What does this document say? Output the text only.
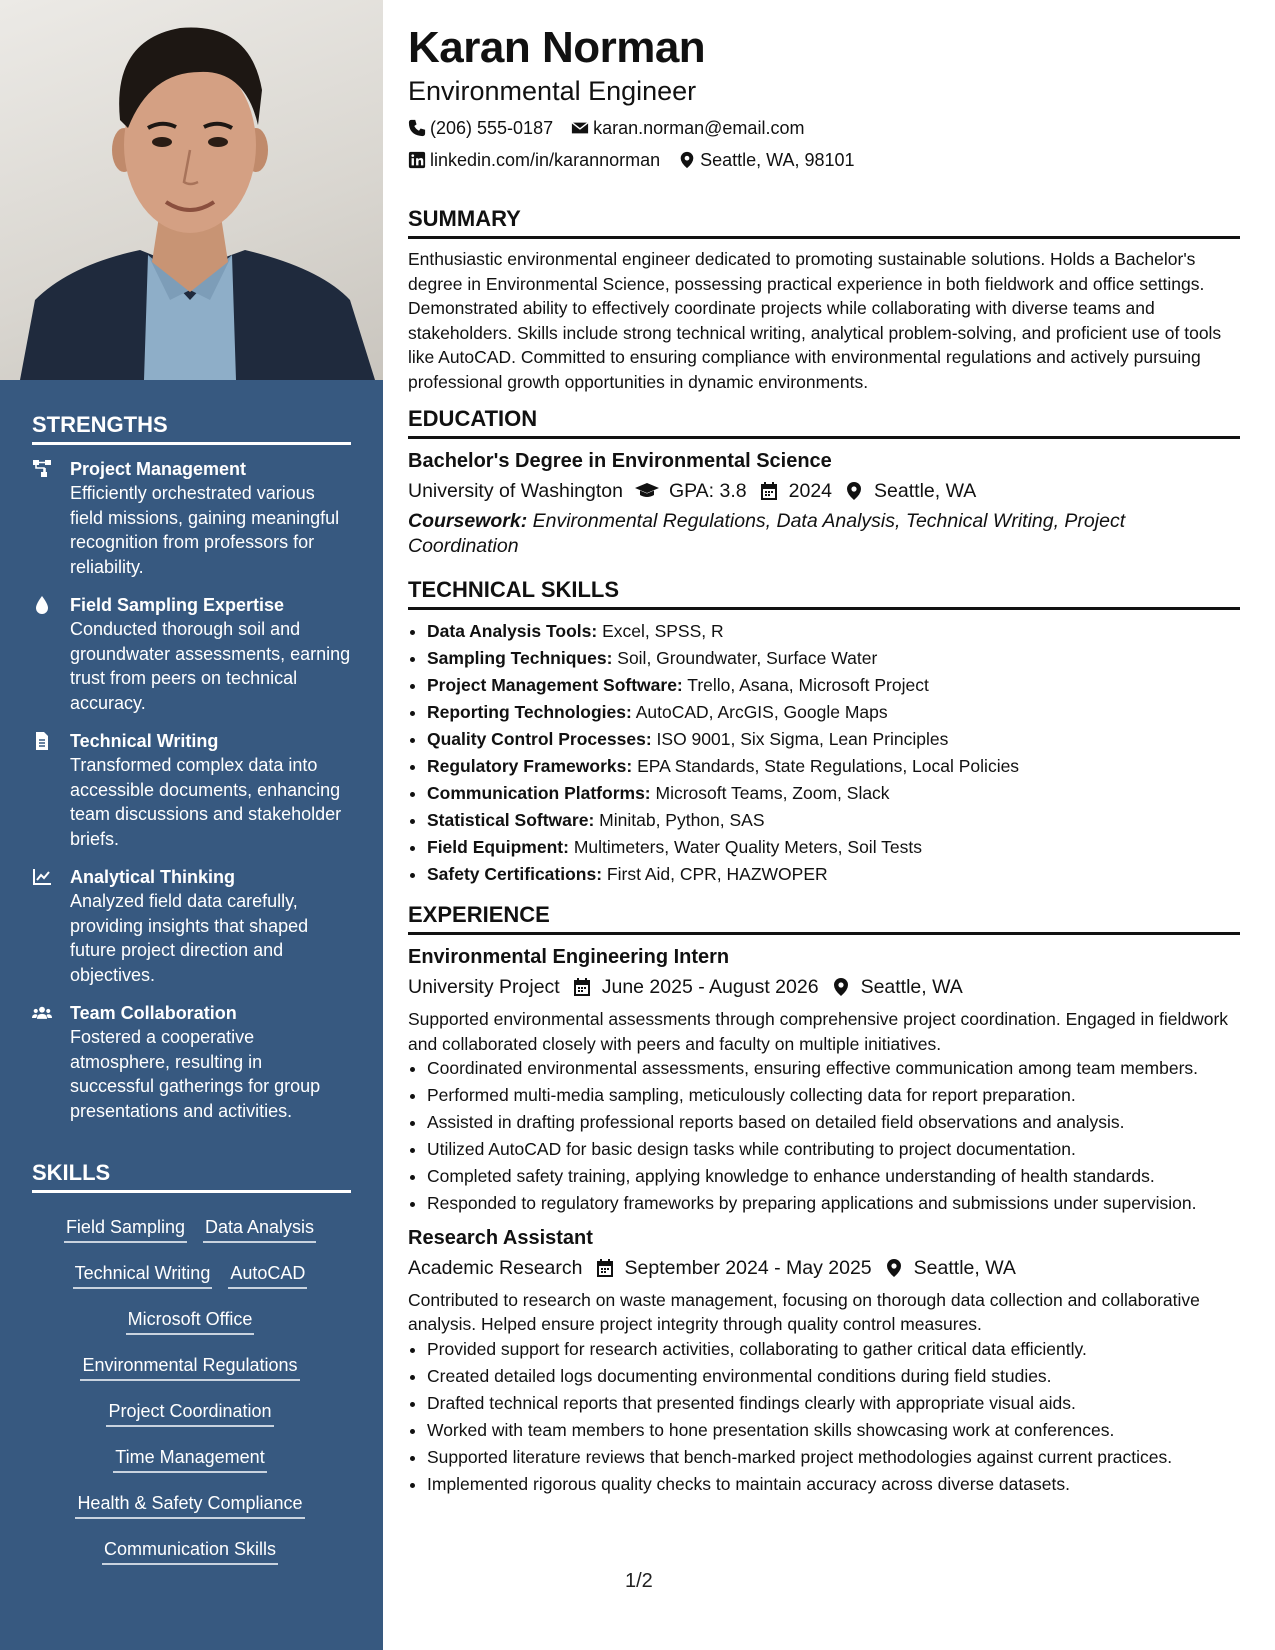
STRENGTHS
Project Management
Efficiently orchestrated various field missions, gaining meaningful recognition from professors for reliability.
Field Sampling Expertise
Conducted thorough soil and groundwater assessments, earning trust from peers on technical accuracy.
Technical Writing
Transformed complex data into accessible documents, enhancing team discussions and stakeholder briefs.
Analytical Thinking
Analyzed field data carefully, providing insights that shaped future project direction and objectives.
Team Collaboration
Fostered a cooperative atmosphere, resulting in successful gatherings for group presentations and activities.
SKILLS
Field Sampling Data Analysis
Technical Writing AutoCAD
Microsoft Office
Environmental Regulations
Project Coordination
Time Management
Health & Safety Compliance
Communication Skills
Karan Norman
Environmental Engineer
(206) 555-0187 karan.norman@email.com
linkedin.com/in/karannorman Seattle, WA, 98101
SUMMARY
Enthusiastic environmental engineer dedicated to promoting sustainable solutions. Holds a Bachelor's degree in Environmental Science, possessing practical experience in both fieldwork and office settings. Demonstrated ability to effectively coordinate projects while collaborating with diverse teams and stakeholders. Skills include strong technical writing, analytical problem-solving, and proficient use of tools like AutoCAD. Committed to ensuring compliance with environmental regulations and actively pursuing professional growth opportunities in dynamic environments.
EDUCATION
Bachelor's Degree in Environmental Science
University of Washington GPA: 3.8 2024 Seattle, WA
Coursework: Environmental Regulations, Data Analysis, Technical Writing, Project Coordination
TECHNICAL SKILLS
• Data Analysis Tools: Excel, SPSS, R
• Sampling Techniques: Soil, Groundwater, Surface Water
• Project Management Software: Trello, Asana, Microsoft Project
• Reporting Technologies: AutoCAD, ArcGIS, Google Maps
• Quality Control Processes: ISO 9001, Six Sigma, Lean Principles
• Regulatory Frameworks: EPA Standards, State Regulations, Local Policies
• Communication Platforms: Microsoft Teams, Zoom, Slack
• Statistical Software: Minitab, Python, SAS
• Field Equipment: Multimeters, Water Quality Meters, Soil Tests
• Safety Certifications: First Aid, CPR, HAZWOPER
EXPERIENCE
Environmental Engineering Intern
University Project June 2025 - August 2026 Seattle, WA
Supported environmental assessments through comprehensive project coordination. Engaged in fieldwork and collaborated closely with peers and faculty on multiple initiatives.
• Coordinated environmental assessments, ensuring effective communication among team members.
• Performed multi-media sampling, meticulously collecting data for report preparation.
• Assisted in drafting professional reports based on detailed field observations and analysis.
• Utilized AutoCAD for basic design tasks while contributing to project documentation.
• Completed safety training, applying knowledge to enhance understanding of health standards.
• Responded to regulatory frameworks by preparing applications and submissions under supervision.
Research Assistant
Academic Research September 2024 - May 2025 Seattle, WA
Contributed to research on waste management, focusing on thorough data collection and collaborative analysis. Helped ensure project integrity through quality control measures.
• Provided support for research activities, collaborating to gather critical data efficiently.
• Created detailed logs documenting environmental conditions during field studies.
• Drafted technical reports that presented findings clearly with appropriate visual aids.
• Worked with team members to hone presentation skills showcasing work at conferences.
• Supported literature reviews that bench-marked project methodologies against current practices.
• Implemented rigorous quality checks to maintain accuracy across diverse datasets.
1/2
